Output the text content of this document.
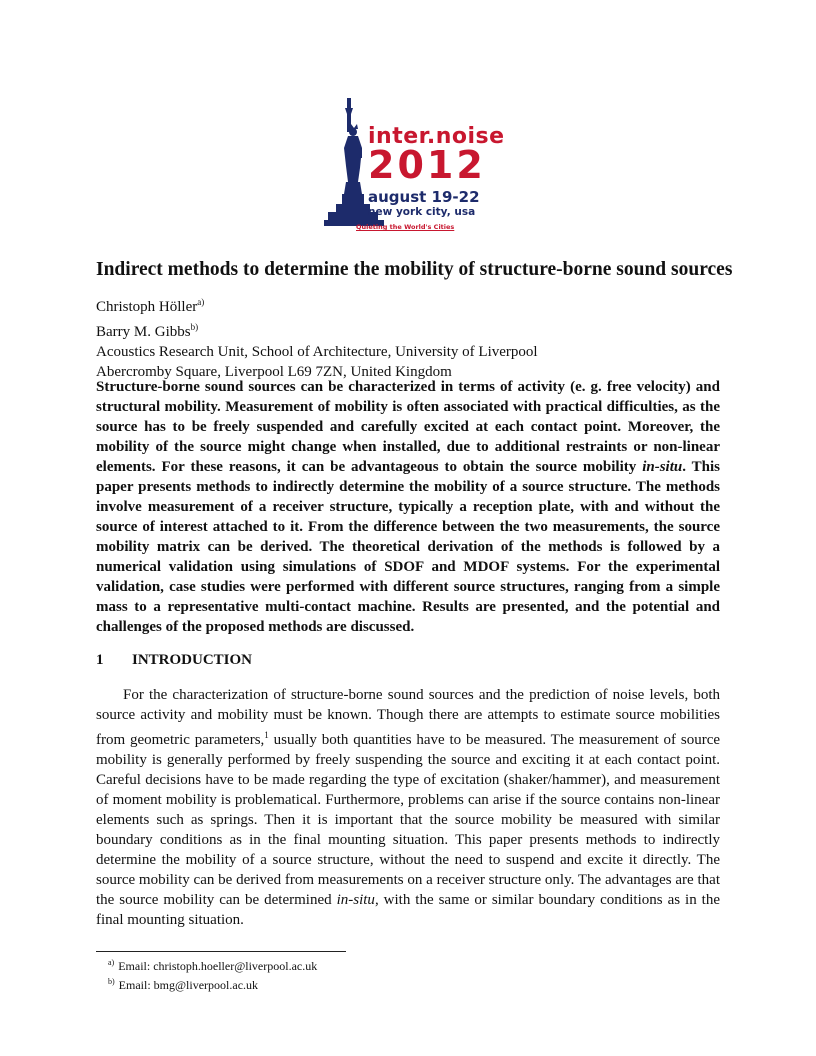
inter.noise
2012
august 19-22
new york city, usa
Quieting the World's Cities
Indirect methods to determine the mobility of structure-borne sound sources
Christoph Höller$^{a)}$
Barry M. Gibbs$^{b)}$
Acoustics Research Unit, School of Architecture, University of Liverpool
Abercromby Square, Liverpool L69 7ZN, United Kingdom

Structure-borne sound sources can be characterized in terms of activity (e. g. free velocity) and structural mobility. Measurement of mobility is often associated with practical difficulties, as the source has to be freely suspended and carefully excited at each contact point. Moreover, the mobility of the source might change when installed, due to additional restraints or non-linear elements. For these reasons, it can be advantageous to obtain the source mobility in-situ. This paper presents methods to indirectly determine the mobility of a source structure. The methods involve measurement of a receiver structure, typically a reception plate, with and without the source of interest attached to it. From the difference between the two measurements, the source mobility matrix can be derived. The theoretical derivation of the methods is followed by a numerical validation using simulations of SDOF and MDOF systems. For the experimental validation, case studies were performed with different source structures, ranging from a simple mass to a representative multi-contact machine. Results are presented, and the potential and challenges of the proposed methods are discussed.

1 INTRODUCTION

For the characterization of structure-borne sound sources and the prediction of noise levels, both source activity and mobility must be known. Though there are attempts to estimate source mobilities from geometric parameters,$^1$ usually both quantities have to be measured. The measurement of source mobility is generally performed by freely suspending the source and exciting it at each contact point. Careful decisions have to be made regarding the type of excitation (shaker/hammer), and measurement of moment mobility is problematical. Furthermore, problems can arise if the source contains non-linear elements such as springs. Then it is important that the source mobility be measured with similar boundary conditions as in the final mounting situation. This paper presents methods to indirectly determine the mobility of a source structure, without the need to suspend and excite it directly. The source mobility can be derived from measurements on a receiver structure only. The advantages are that the source mobility can be determined in-situ, with the same or similar boundary conditions as in the final mounting situation.

$^{a)}$ Email: christoph.hoeller@liverpool.ac.uk
$^{b)}$ Email: bmg@liverpool.ac.uk
